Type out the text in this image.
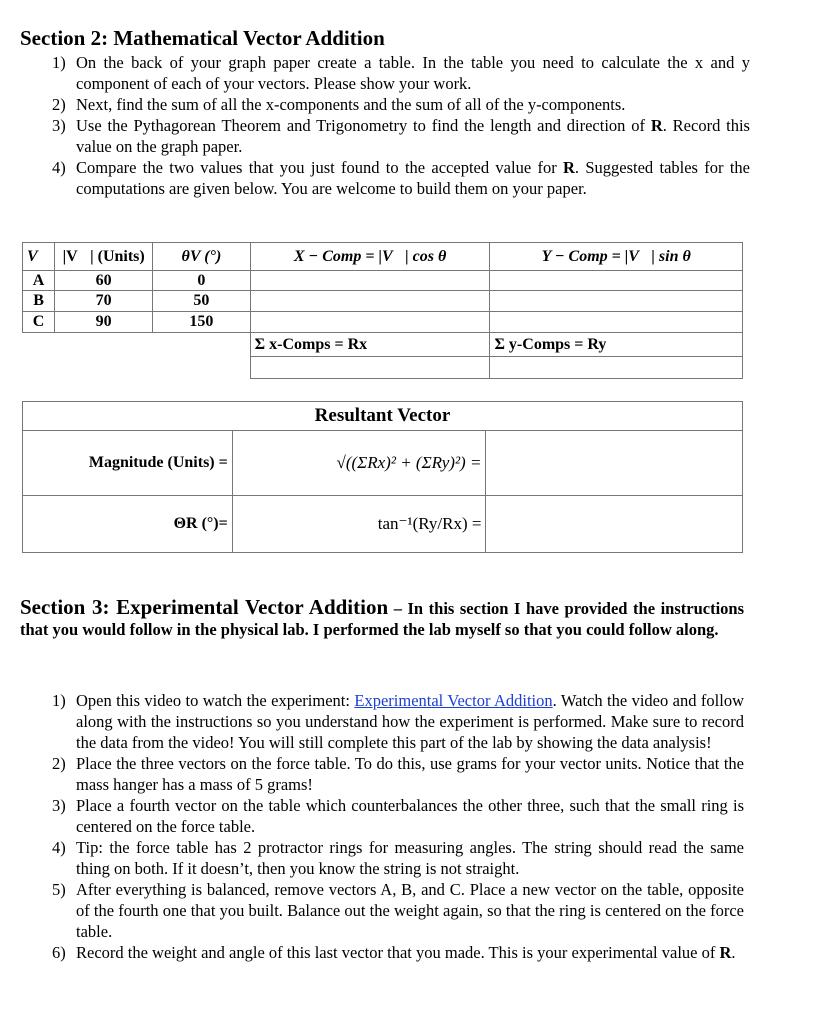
Section 2: Mathematical Vector Addition
1) On the back of your graph paper create a table. In the table you need to calculate the x and y component of each of your vectors. Please show your work.
2) Next, find the sum of all the x-components and the sum of all of the y-components.
3) Use the Pythagorean Theorem and Trigonometry to find the length and direction of R. Record this value on the graph paper.
4) Compare the two values that you just found to the accepted value for R. Suggested tables for the computations are given below. You are welcome to build them on your paper.
V⃗	|V⃗| (Units)	θV (°)	X − Comp = |V⃗| cos θ	Y − Comp = |V⃗| sin θ
A	60	0		
B	70	50		
C	90	150		
			Σ x-Comps = Rx	Σ y-Comps = Ry

Resultant Vector		
Magnitude (Units) =	√((ΣRx)² + (ΣRy)²) =	
ΘR (°)=	tan⁻¹(Ry/Rx) =	
Section 3: Experimental Vector Addition – In this section I have provided the instructions that you would follow in the physical lab. I performed the lab myself so that you could follow along.
1) Open this video to watch the experiment: Experimental Vector Addition. Watch the video and follow along with the instructions so you understand how the experiment is performed. Make sure to record the data from the video! You will still complete this part of the lab by showing the data analysis!
2) Place the three vectors on the force table. To do this, use grams for your vector units. Notice that the mass hanger has a mass of 5 grams!
3) Place a fourth vector on the table which counterbalances the other three, such that the small ring is centered on the force table.
4) Tip: the force table has 2 protractor rings for measuring angles. The string should read the same thing on both. If it doesn’t, then you know the string is not straight.
5) After everything is balanced, remove vectors A, B, and C. Place a new vector on the table, opposite of the fourth one that you built. Balance out the weight again, so that the ring is centered on the force table.
6) Record the weight and angle of this last vector that you made. This is your experimental value of R.
